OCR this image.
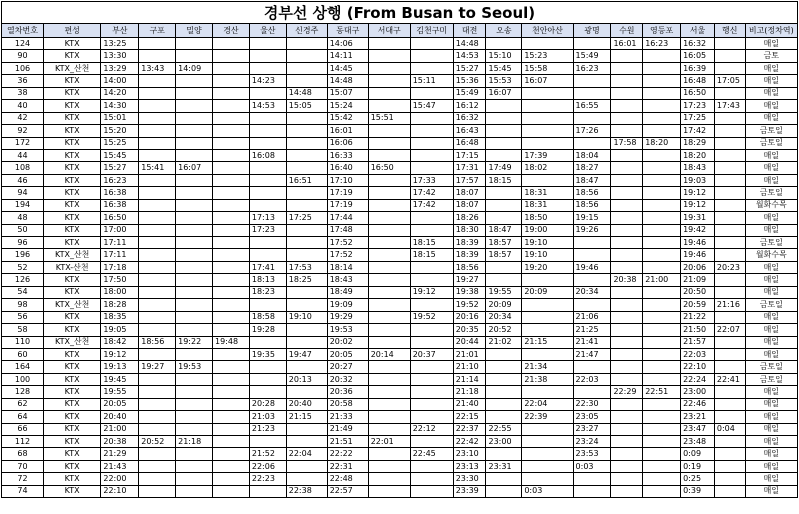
경부선 상행 (From Busan to Seoul)
열차번호	편성	부산	구포	밀양	경산	울산	신경주	동대구	서대구	김천구미	대전	오송	천안아산	광명	수원	영등포	서울	행신	비고(정차역)
124	KTX	13:25						14:06			14:48				16:01	16:23	16:32		매일
90	KTX	13:30						14:11			14:53	15:10	15:23	15:49			16:05		금토
106	KTX_산천	13:29	13:43	14:09				14:45			15:27	15:45	15:58	16:23			16:39		매일
36	KTX	14:00				14:23		14:48		15:11	15:36	15:53	16:07				16:48	17:05	매일
38	KTX	14:20					14:48	15:07			15:49	16:07					16:50		매일
40	KTX	14:30				14:53	15:05	15:24		15:47	16:12			16:55			17:23	17:43	매일
42	KTX	15:01						15:42	15:51		16:32						17:25		매일
92	KTX	15:20						16:01			16:43			17:26			17:42		금토일
172	KTX	15:25						16:06			16:48				17:58	18:20	18:29		금토일
44	KTX	15:45				16:08		16:33			17:15		17:39	18:04			18:20		매일
108	KTX	15:27	15:41	16:07				16:40	16:50		17:31	17:49	18:02	18:27			18:43		매일
46	KTX	16:23					16:51	17:10		17:33	17:57	18:15		18:47			19:03		매일
94	KTX	16:38						17:19		17:42	18:07		18:31	18:56			19:12		금토일
194	KTX	16:38						17:19		17:42	18:07		18:31	18:56			19:12		월화수목
48	KTX	16:50				17:13	17:25	17:44			18:26		18:50	19:15			19:31		매일
50	KTX	17:00				17:23		17:48			18:30	18:47	19:00	19:26			19:42		매일
96	KTX	17:11						17:52		18:15	18:39	18:57	19:10				19:46		금토일
196	KTX_산천	17:11						17:52		18:15	18:39	18:57	19:10				19:46		월화수목
52	KTX-산천	17:18				17:41	17:53	18:14			18:56		19:20	19:46			20:06	20:23	매일
126	KTX	17:50				18:13	18:25	18:43			19:27				20:38	21:00	21:09		매일
54	KTX	18:00				18:23		18:49		19:12	19:38	19:55	20:09	20:34			20:50		매일
98	KTX_산천	18:28						19:09			19:52	20:09					20:59	21:16	금토일
56	KTX	18:35				18:58	19:10	19:29		19:52	20:16	20:34		21:06			21:22		매일
58	KTX	19:05				19:28		19:53			20:35	20:52		21:25			21:50	22:07	매일
110	KTX_산천	18:42	18:56	19:22	19:48			20:02			20:44	21:02	21:15	21:41			21:57		매일
60	KTX	19:12				19:35	19:47	20:05	20:14	20:37	21:01			21:47			22:03		매일
164	KTX	19:13	19:27	19:53				20:27			21:10		21:34				22:10		금토일
100	KTX	19:45					20:13	20:32			21:14		21:38	22:03			22:24	22:41	금토일
128	KTX	19:55						20:36			21:18				22:29	22:51	23:00		매일
62	KTX	20:05				20:28	20:40	20:58			21:40		22:04	22:30			22:46		매일
64	KTX	20:40				21:03	21:15	21:33			22:15		22:39	23:05			23:21		매일
66	KTX	21:00				21:23		21:49		22:12	22:37	22:55		23:27			23:47	0:04	매일
112	KTX	20:38	20:52	21:18				21:51	22:01		22:42	23:00		23:24			23:48		매일
68	KTX	21:29				21:52	22:04	22:22		22:45	23:10			23:53			0:09		매일
70	KTX	21:43				22:06		22:31			23:13	23:31		0:03			0:19		매일
72	KTX	22:00				22:23		22:48			23:30						0:25		매일
74	KTX	22:10					22:38	22:57			23:39		0:03				0:39		매일
